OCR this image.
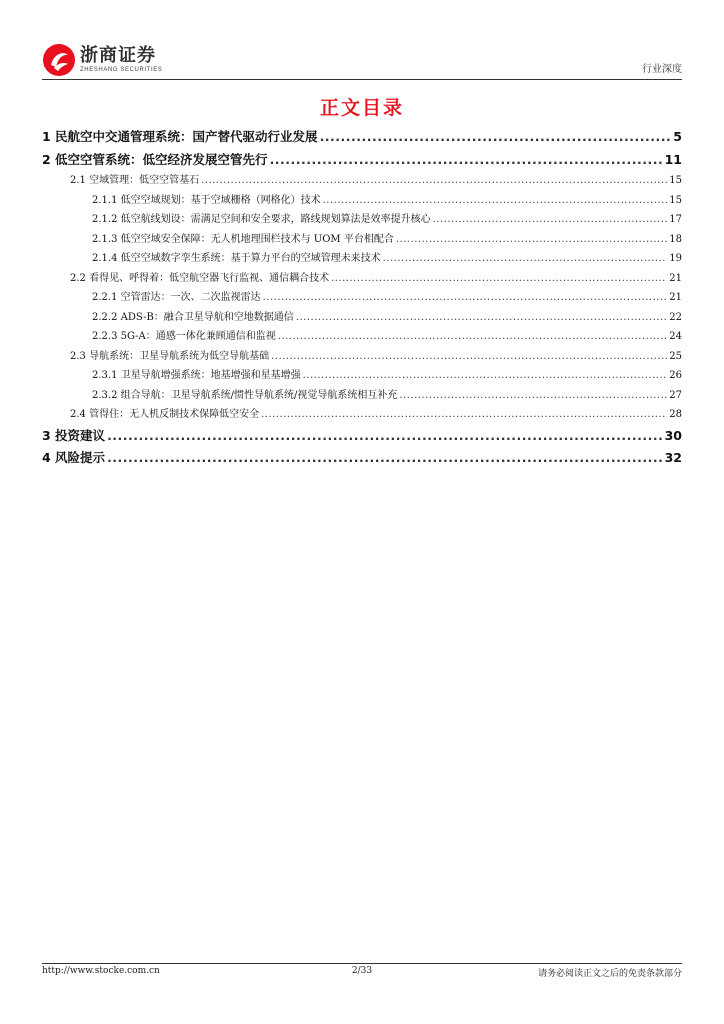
浙商证券
ZHESHANG SECURITIES	行业深度
正文目录
1 民航空中交通管理系统：国产替代驱动行业发展 .....	5
2 低空空管系统：低空经济发展空管先行 .....	11
2.1 空域管理：低空空管基石 .....	15
2.1.1 低空空域规划：基于空域栅格（网格化）技术 .....	15
2.1.2 低空航线划设：需满足空间和安全要求，路线规划算法是效率提升核心 .....	17
2.1.3 低空空域安全保障：无人机地理围栏技术与 UOM 平台相配合 .....	18
2.1.4 低空空域数字孪生系统：基于算力平台的空域管理未来技术 .....	19
2.2 看得见、呼得着：低空航空器飞行监视、通信耦合技术 .....	21
2.2.1 空管雷达：一次、二次监视雷达 .....	21
2.2.2 ADS-B：融合卫星导航和空地数据通信 .....	22
2.2.3 5G-A：通感一体化兼顾通信和监视 .....	24
2.3 导航系统：卫星导航系统为低空导航基础 .....	25
2.3.1 卫星导航增强系统：地基增强和星基增强 .....	26
2.3.2 组合导航：卫星导航系统/惯性导航系统/视觉导航系统相互补充 .....	27
2.4 管得住：无人机反制技术保障低空安全 .....	28
3 投资建议 .....	30
4 风险提示 .....	32
http://www.stocke.com.cn	2/33	请务必阅读正文之后的免责条款部分
